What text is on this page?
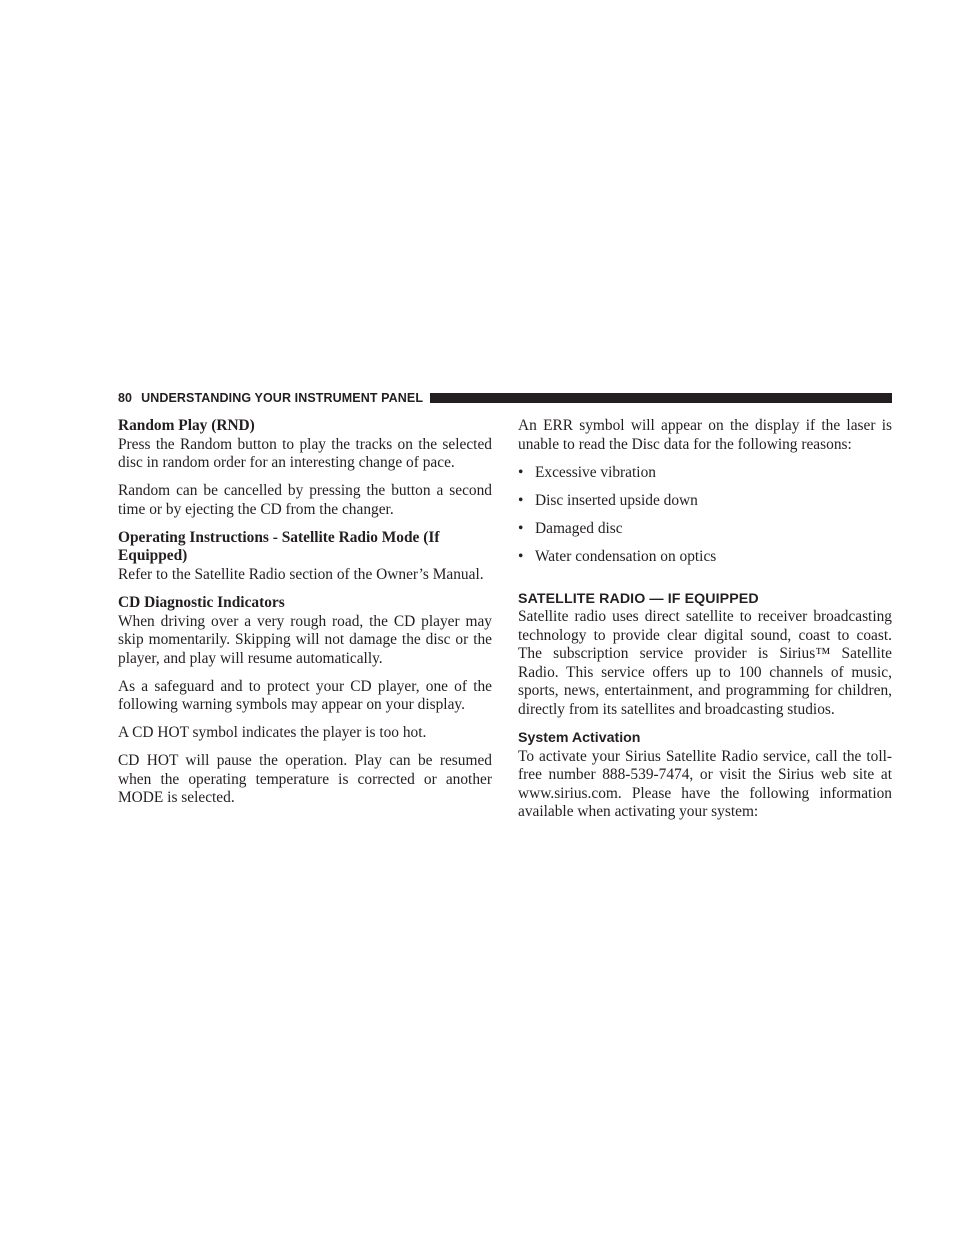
80 UNDERSTANDING YOUR INSTRUMENT PANEL
Random Play (RND)

Press the Random button to play the tracks on the selected disc in random order for an interesting change of pace.

Random can be cancelled by pressing the button a second time or by ejecting the CD from the changer.

Operating Instructions - Satellite Radio Mode (If Equipped)

Refer to the Satellite Radio section of the Owner’s Manual.

CD Diagnostic Indicators

When driving over a very rough road, the CD player may skip momentarily. Skipping will not damage the disc or the player, and play will resume automatically.

As a safeguard and to protect your CD player, one of the following warning symbols may appear on your display.

A CD HOT symbol indicates the player is too hot.

CD HOT will pause the operation. Play can be resumed when the operating temperature is corrected or another MODE is selected.

An ERR symbol will appear on the display if the laser is unable to read the Disc data for the following reasons:

• Excessive vibration
• Disc inserted upside down
• Damaged disc
• Water condensation on optics
SATELLITE RADIO — IF EQUIPPED

Satellite radio uses direct satellite to receiver broadcasting technology to provide clear digital sound, coast to coast. The subscription service provider is Sirius™ Satellite Radio. This service offers up to 100 channels of music, sports, news, entertainment, and programming for children, directly from its satellites and broadcasting studios.

System Activation

To activate your Sirius Satellite Radio service, call the toll-free number 888-539-7474, or visit the Sirius web site at www.sirius.com. Please have the following information available when activating your system:
